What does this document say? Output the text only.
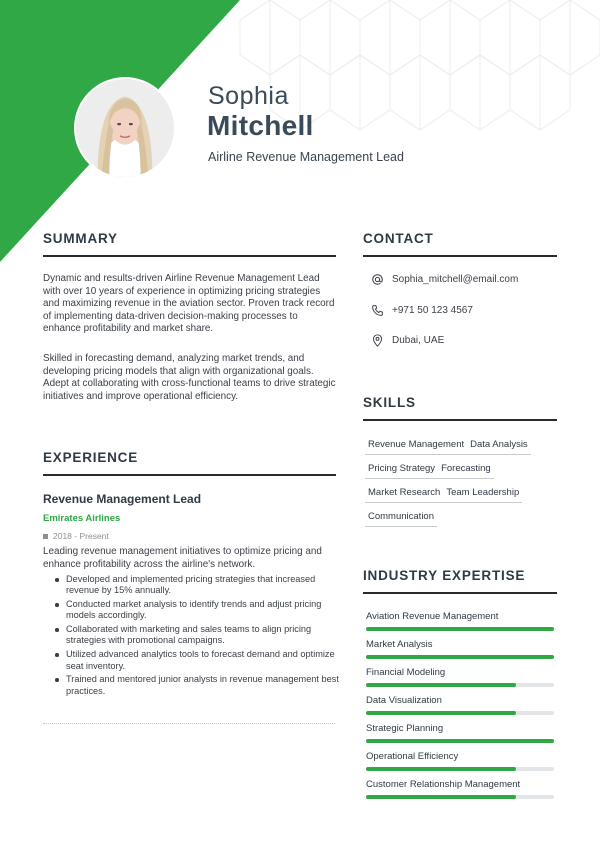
Sophia
Mitchell
Airline Revenue Management Lead
SUMMARY
Dynamic and results-driven Airline Revenue Management Lead with over 10 years of experience in optimizing pricing strategies and maximizing revenue in the aviation sector. Proven track record of implementing data-driven decision-making processes to enhance profitability and market share.
Skilled in forecasting demand, analyzing market trends, and developing pricing models that align with organizational goals. Adept at collaborating with cross-functional teams to drive strategic initiatives and improve operational efficiency.
CONTACT
Sophia_mitchell@email.com
+971 50 123 4567
Dubai, UAE
SKILLS
Revenue Management Data Analysis
Pricing Strategy Forecasting
Market Research Team Leadership
Communication
EXPERIENCE
Revenue Management Lead
Emirates Airlines
2018 - Present
Leading revenue management initiatives to optimize pricing and enhance profitability across the airline's network.
Developed and implemented pricing strategies that increased revenue by 15% annually.
Conducted market analysis to identify trends and adjust pricing models accordingly.
Collaborated with marketing and sales teams to align pricing strategies with promotional campaigns.
Utilized advanced analytics tools to forecast demand and optimize seat inventory.
Trained and mentored junior analysts in revenue management best practices.
INDUSTRY EXPERTISE
Aviation Revenue Management
Market Analysis
Financial Modeling
Data Visualization
Strategic Planning
Operational Efficiency
Customer Relationship Management
